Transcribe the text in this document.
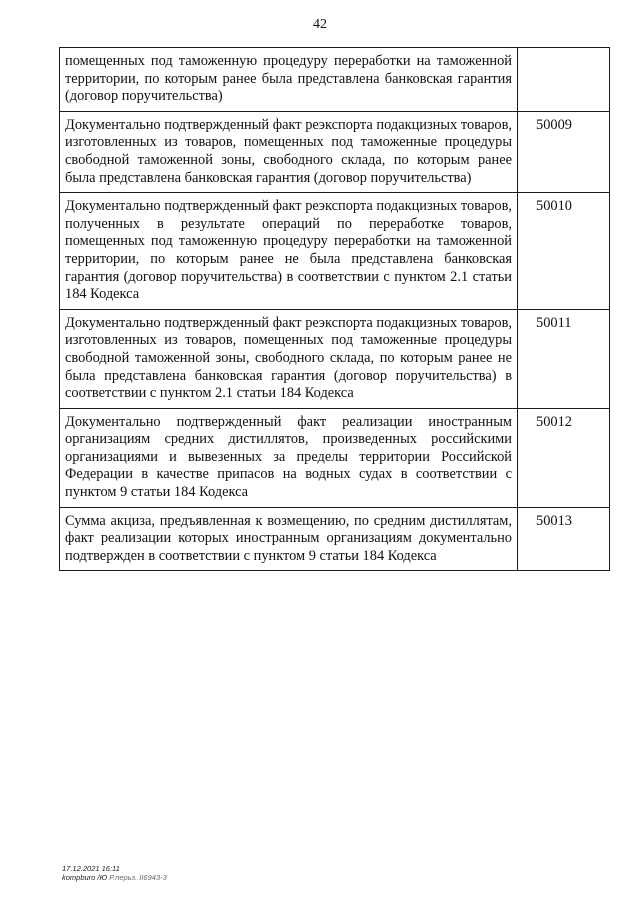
42
помещенных под таможенную процедуру переработки на таможенной территории, по которым ранее была представлена банковская гарантия (договор поручительства)	
Документально подтвержденный факт реэкспорта подакцизных товаров, изготовленных из товаров, помещенных под таможенные процедуры свободной таможенной зоны, свободного склада, по которым ранее была представлена банковская гарантия (договор поручительства)	50009
Документально подтвержденный факт реэкспорта подакцизных товаров, полученных в результате операций по переработке товаров, помещенных под таможенную процедуру переработки на таможенной территории, по которым ранее не была представлена банковская гарантия (договор поручительства) в соответствии с пунктом 2.1 статьи 184 Кодекса	50010
Документально подтвержденный факт реэкспорта подакцизных товаров, изготовленных из товаров, помещенных под таможенные процедуры свободной таможенной зоны, свободного склада, по которым ранее не была представлена банковская гарантия (договор поручительства) в соответствии с пунктом 2.1 статьи 184 Кодекса	50011
Документально подтвержденный факт реализации иностранным организациям средних дистиллятов, произведенных российскими организациями и вывезенных за пределы территории Российской Федерации в качестве припасов на водных судах в соответствии с пунктом 9 статьи 184 Кодекса	50012
Сумма акциза, предъявленная к возмещению, по средним дистиллятам, факт реализации которых иностранным организациям документально подтвержден в соответствии с пунктом 9 статьи 184 Кодекса	50013
17.12.2021 16:11
kompburo /Ю Р.перьз. II6943-3
